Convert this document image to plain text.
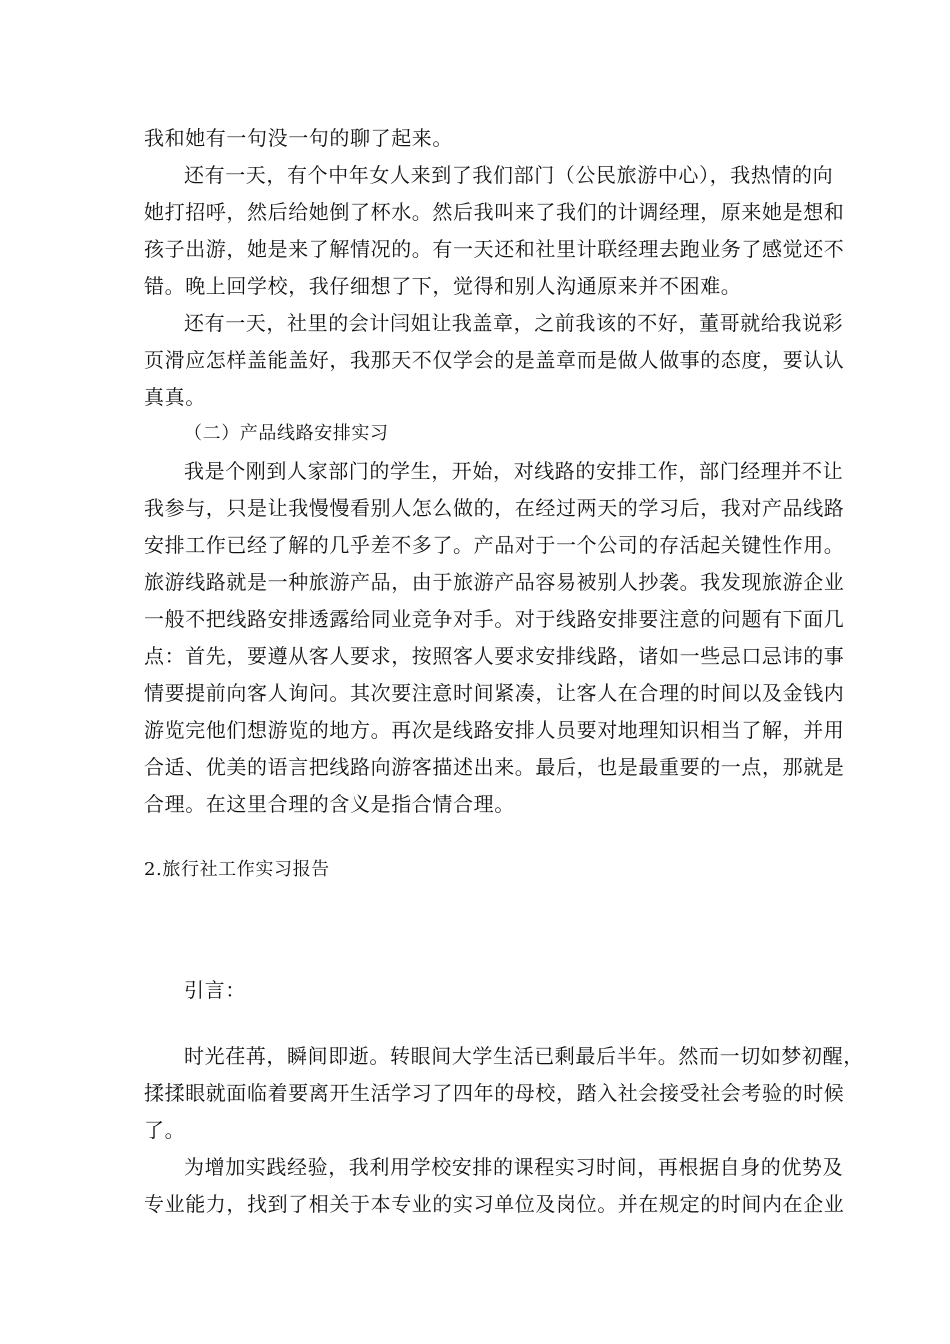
我和她有一句没一句的聊了起来。
还有一天，有个中年女人来到了我们部门（公民旅游中心），我热情的向
她打招呼，然后给她倒了杯水。然后我叫来了我们的计调经理，原来她是想和
孩子出游，她是来了解情况的。有一天还和社里计联经理去跑业务了感觉还不
错。晚上回学校，我仔细想了下，觉得和别人沟通原来并不困难。
还有一天，社里的会计闫姐让我盖章，之前我该的不好，董哥就给我说彩
页滑应怎样盖能盖好，我那天不仅学会的是盖章而是做人做事的态度，要认认
真真。
（二）产品线路安排实习
我是个刚到人家部门的学生，开始，对线路的安排工作，部门经理并不让
我参与，只是让我慢慢看别人怎么做的，在经过两天的学习后，我对产品线路
安排工作已经了解的几乎差不多了。产品对于一个公司的存活起关键性作用。
旅游线路就是一种旅游产品，由于旅游产品容易被别人抄袭。我发现旅游企业
一般不把线路安排透露给同业竞争对手。对于线路安排要注意的问题有下面几
点：首先，要遵从客人要求，按照客人要求安排线路，诸如一些忌口忌讳的事
情要提前向客人询问。其次要注意时间紧凑，让客人在合理的时间以及金钱内
游览完他们想游览的地方。再次是线路安排人员要对地理知识相当了解，并用
合适、优美的语言把线路向游客描述出来。最后，也是最重要的一点，那就是
合理。在这里合理的含义是指合情合理。
2.旅行社工作实习报告
引言：
时光荏苒，瞬间即逝。转眼间大学生活已剩最后半年。然而一切如梦初醒，
揉揉眼就面临着要离开生活学习了四年的母校，踏入社会接受社会考验的时候
了。
为增加实践经验，我利用学校安排的课程实习时间，再根据自身的优势及
专业能力，找到了相关于本专业的实习单位及岗位。并在规定的时间内在企业
